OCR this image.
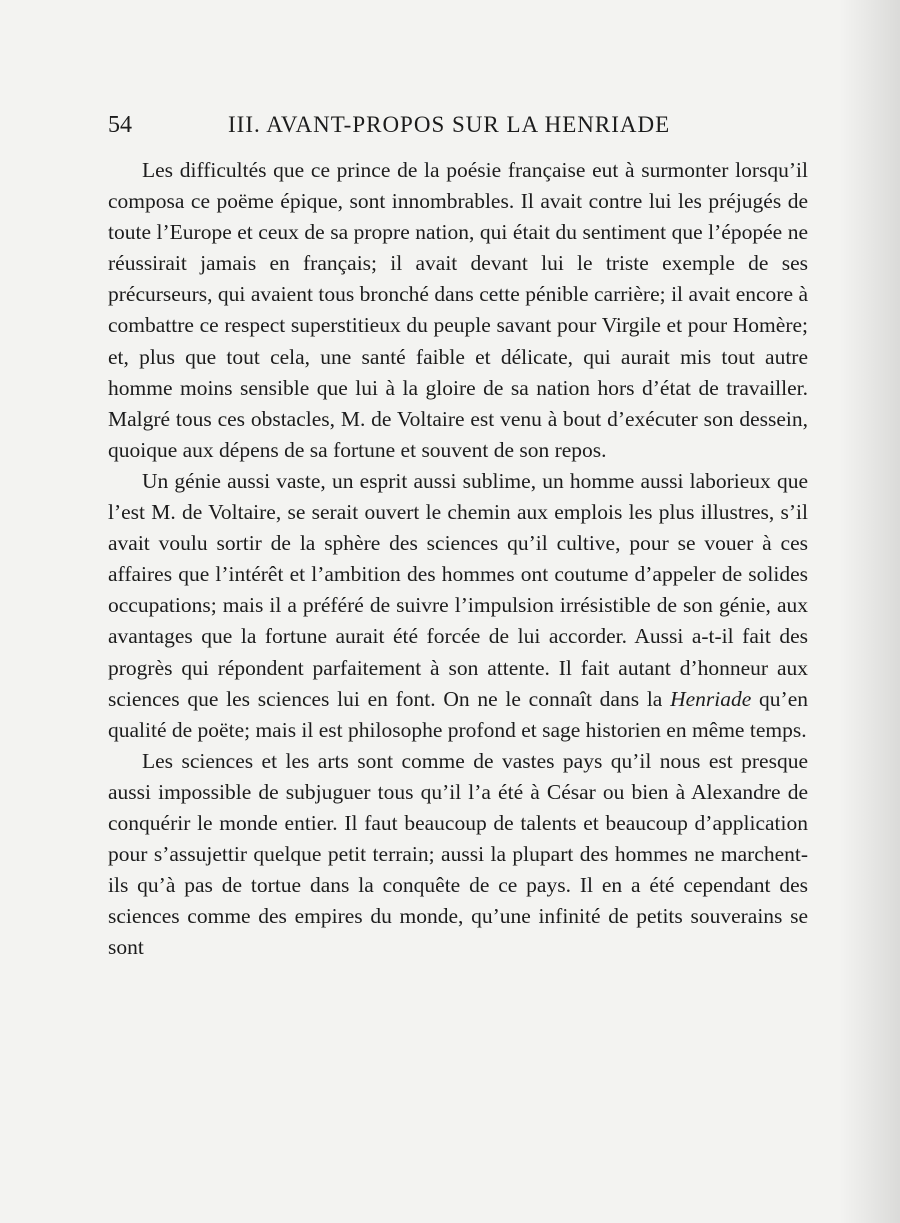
54	III. AVANT-PROPOS SUR LA HENRIADE

Les difficultés que ce prince de la poésie française eut à surmonter lorsqu’il composa ce poëme épique, sont innombrables. Il avait contre lui les préjugés de toute l’Europe et ceux de sa propre nation, qui était du sentiment que l’épopée ne réussirait jamais en français; il avait devant lui le triste exemple de ses précurseurs, qui avaient tous bronché dans cette pénible carrière; il avait encore à combattre ce respect superstitieux du peuple savant pour Virgile et pour Homère; et, plus que tout cela, une santé faible et délicate, qui aurait mis tout autre homme moins sensible que lui à la gloire de sa nation hors d’état de travailler. Malgré tous ces obstacles, M. de Voltaire est venu à bout d’exécuter son dessein, quoique aux dépens de sa fortune et souvent de son repos.

Un génie aussi vaste, un esprit aussi sublime, un homme aussi laborieux que l’est M. de Voltaire, se serait ouvert le chemin aux emplois les plus illustres, s’il avait voulu sortir de la sphère des sciences qu’il cultive, pour se vouer à ces affaires que l’intérêt et l’ambition des hommes ont coutume d’appeler de solides occupations; mais il a préféré de suivre l’impulsion irrésistible de son génie, aux avantages que la fortune aurait été forcée de lui accorder. Aussi a-t-il fait des progrès qui répondent parfaitement à son attente. Il fait autant d’honneur aux sciences que les sciences lui en font. On ne le connaît dans la Henriade qu’en qualité de poëte; mais il est philosophe profond et sage historien en même temps.

Les sciences et les arts sont comme de vastes pays qu’il nous est presque aussi impossible de subjuguer tous qu’il l’a été à César ou bien à Alexandre de conquérir le monde entier. Il faut beaucoup de talents et beaucoup d’application pour s’assujettir quelque petit terrain; aussi la plupart des hommes ne marchent-ils qu’à pas de tortue dans la conquête de ce pays. Il en a été cependant des sciences comme des empires du monde, qu’une infinité de petits souverains se sont
